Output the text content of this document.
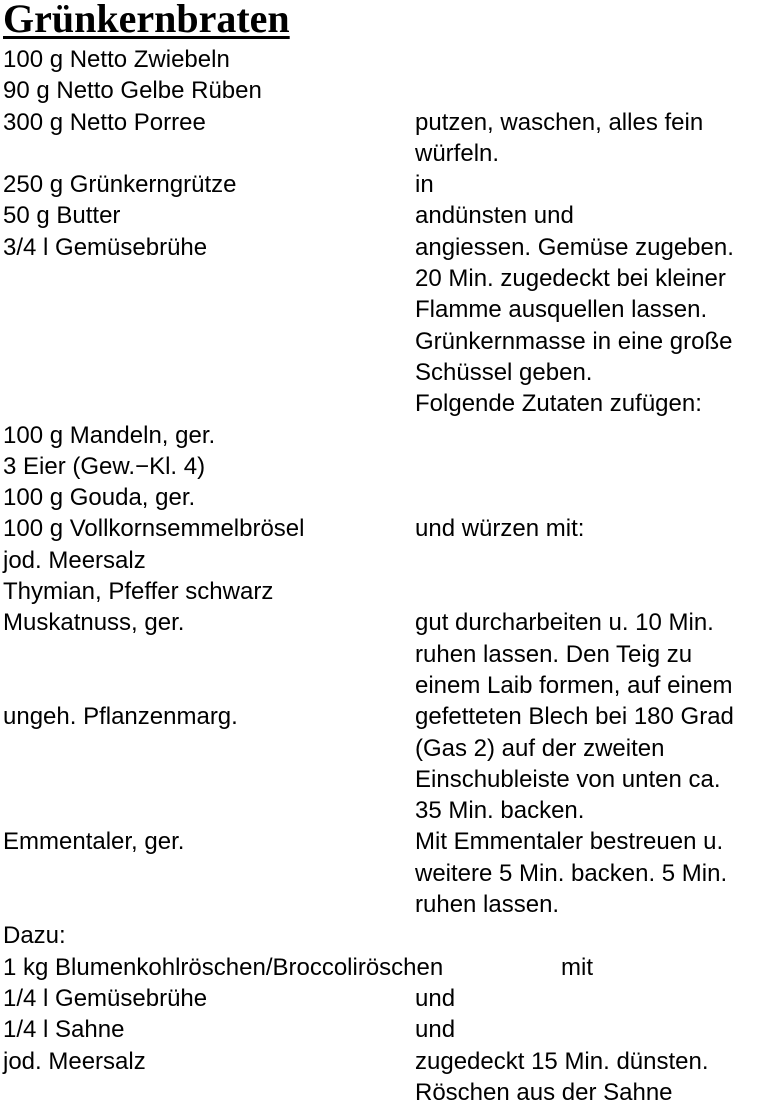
Grünkernbraten
100 g Netto Zwiebeln
90 g Netto Gelbe Rüben
300 g Netto Porree	putzen, waschen, alles fein
würfeln.
250 g Grünkerngrütze	in
50 g Butter	andünsten und
3/4 l Gemüsebrühe	angiessen. Gemüse zugeben.
20 Min. zugedeckt bei kleiner
Flamme ausquellen lassen.
Grünkernmasse in eine große
Schüssel geben.
Folgende Zutaten zufügen:
100 g Mandeln, ger.
3 Eier (Gew.−Kl. 4)
100 g Gouda, ger.
100 g Vollkornsemmelbrösel	und würzen mit:
jod. Meersalz
Thymian, Pfeffer schwarz
Muskatnuss, ger.	gut durcharbeiten u. 10 Min.
ruhen lassen. Den Teig zu
einem Laib formen, auf einem
ungeh. Pflanzenmarg.	gefetteten Blech bei 180 Grad
(Gas 2) auf der zweiten
Einschubleiste von unten ca.
35 Min. backen.
Emmentaler, ger.	Mit Emmentaler bestreuen u.
weitere 5 Min. backen. 5 Min.
ruhen lassen.
Dazu:
1 kg Blumenkohlröschen/Broccoliröschen	mit
1/4 l Gemüsebrühe	und
1/4 l Sahne	und
jod. Meersalz	zugedeckt 15 Min. dünsten.
Röschen aus der Sahne
